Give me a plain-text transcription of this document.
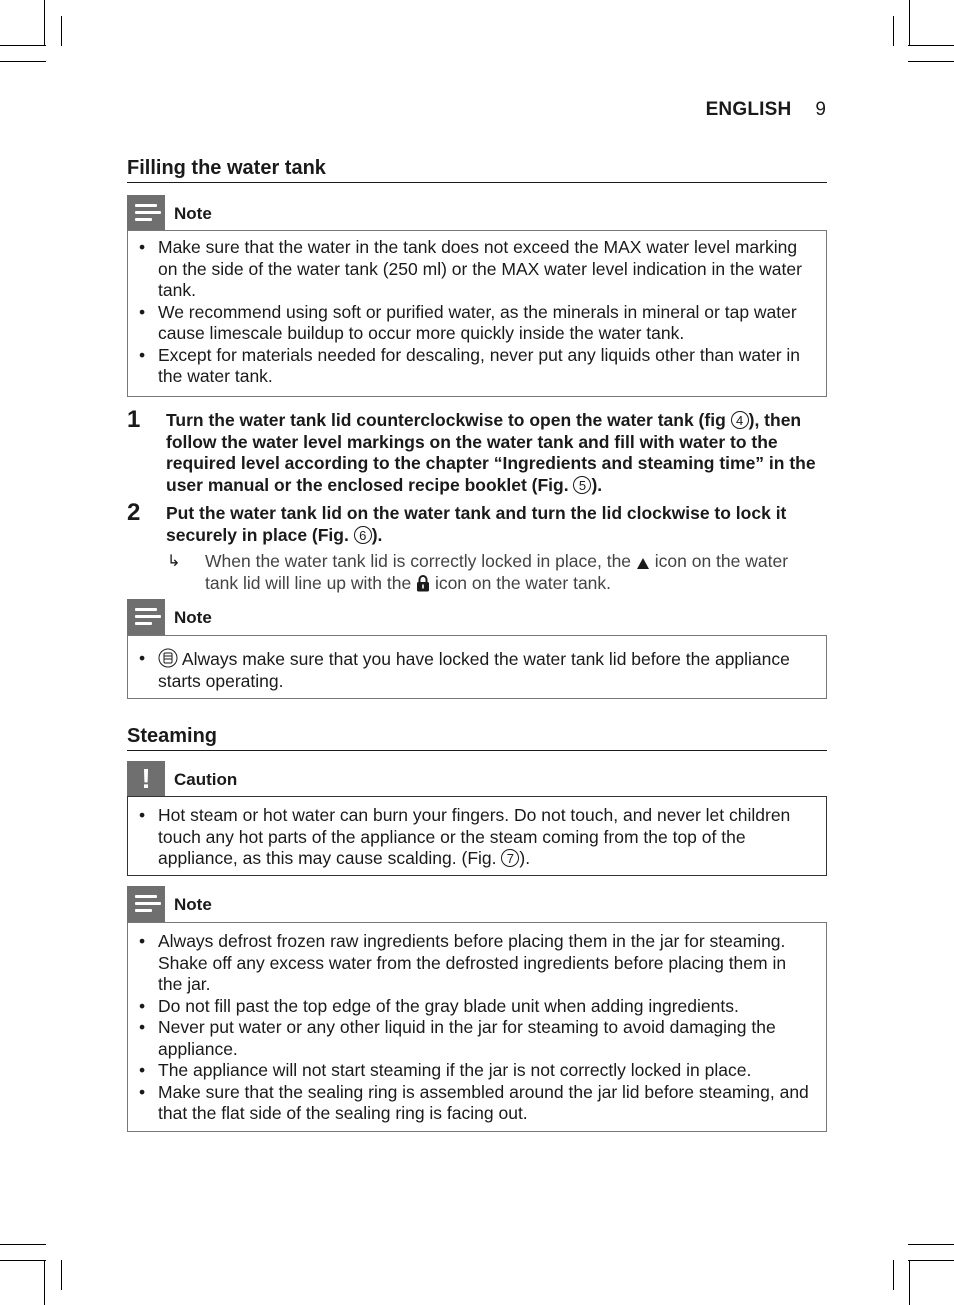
ENGLISH 9
Filling the water tank
Note
• Make sure that the water in the tank does not exceed the MAX water level marking on the side of the water tank (250 ml) or the MAX water level indication in the water tank.
• We recommend using soft or purified water, as the minerals in mineral or tap water cause limescale buildup to occur more quickly inside the water tank.
• Except for materials needed for descaling, never put any liquids other than water in the water tank.
1 Turn the water tank lid counterclockwise to open the water tank (fig 4 ), then follow the water level markings on the water tank and fill with water to the required level according to the chapter “Ingredients and steaming time” in the user manual or the enclosed recipe booklet (Fig. 5 ).
2 Put the water tank lid on the water tank and turn the lid clockwise to lock it securely in place (Fig. 6 ).
↳ When the water tank lid is correctly locked in place, the  icon on the water tank lid will line up with the  icon on the water tank.
Note
• Always make sure that you have locked the water tank lid before the appliance starts operating.
Steaming
!	Caution
• Hot steam or hot water can burn your fingers. Do not touch, and never let children touch any hot parts of the appliance or the steam coming from the top of the appliance, as this may cause scalding. (Fig. 7 ).
Note
• Always defrost frozen raw ingredients before placing them in the jar for steaming. Shake off any excess water from the defrosted ingredients before placing them in the jar.
• Do not fill past the top edge of the gray blade unit when adding ingredients.
• Never put water or any other liquid in the jar for steaming to avoid damaging the appliance.
• The appliance will not start steaming if the jar is not correctly locked in place.
• Make sure that the sealing ring is assembled around the jar lid before steaming, and that the flat side of the sealing ring is facing out.
